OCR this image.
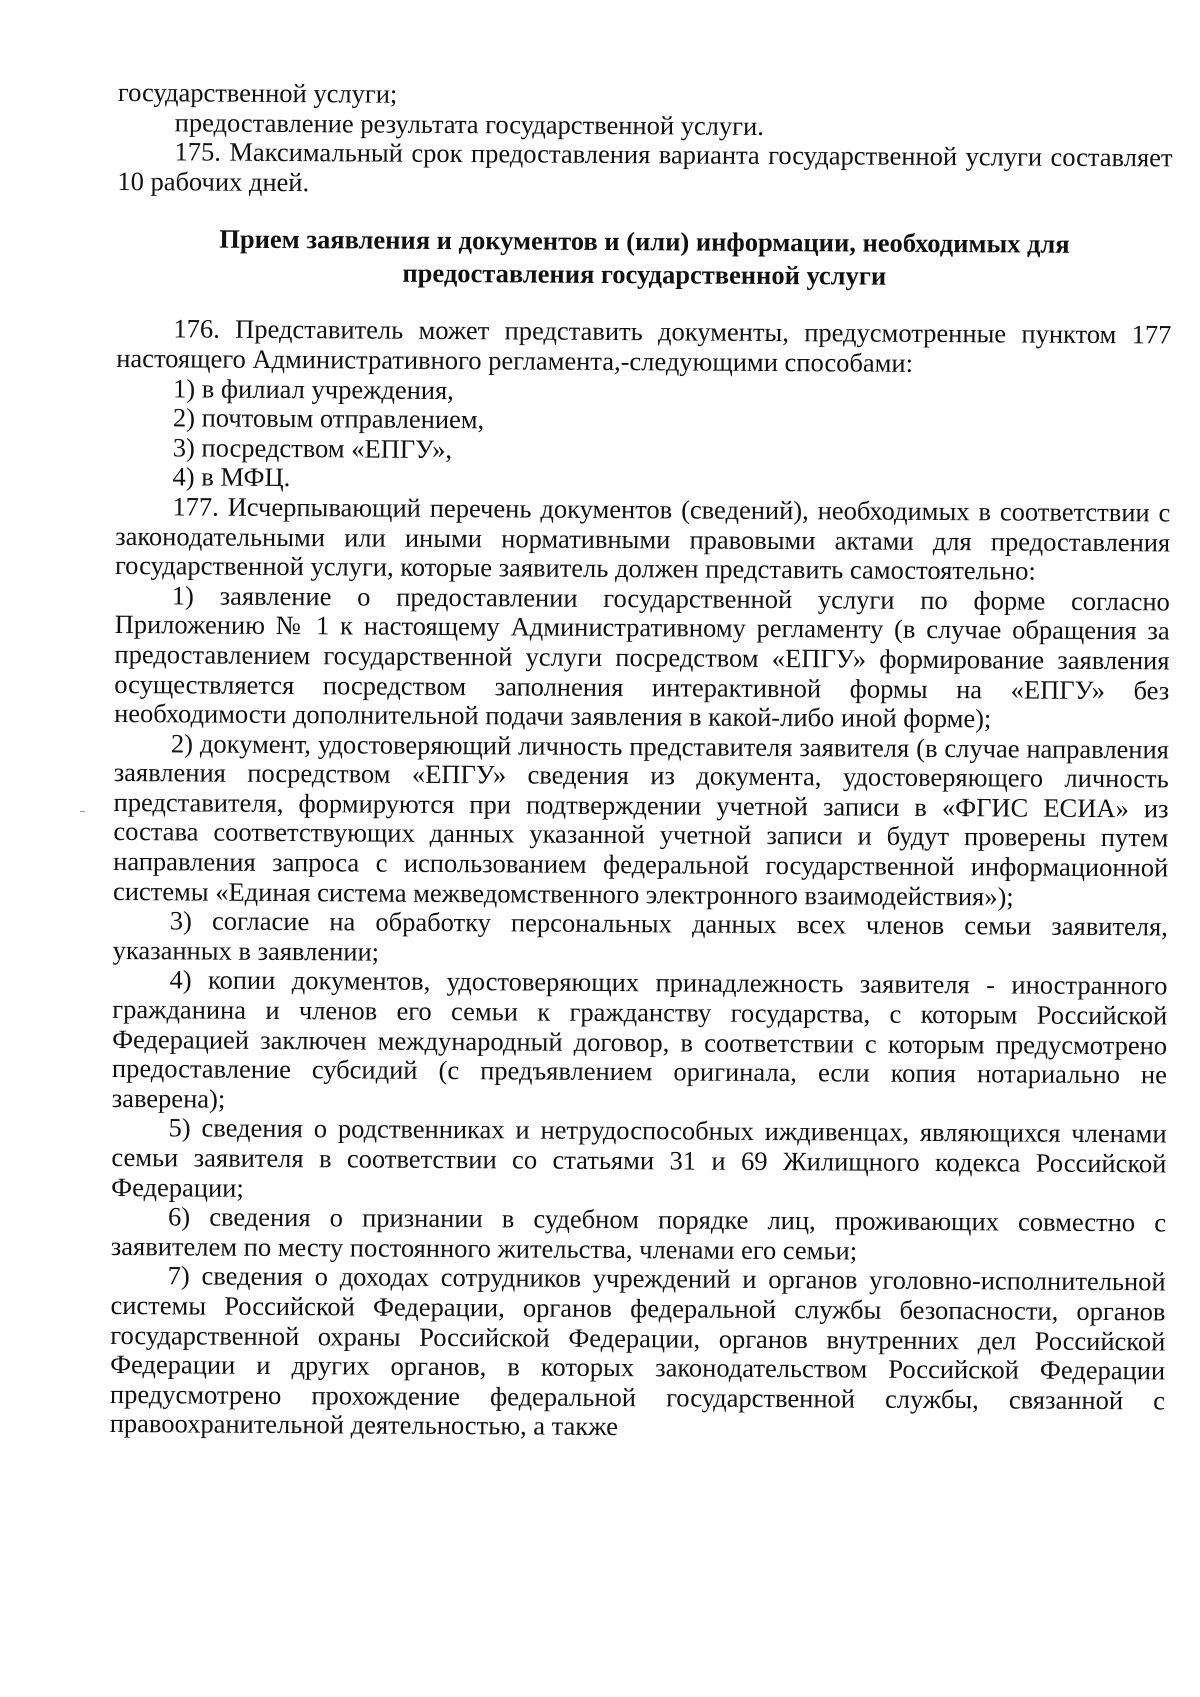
государственной услуги;

предоставление результата государственной услуги.

175. Максимальный срок предоставления варианта государственной услуги составляет 10 рабочих дней.

Прием заявления и документов и (или) информации, необходимых для предоставления государственной услуги

176. Представитель может представить документы, предусмотренные пунктом 177 настоящего Административного регламента,-следующими способами:

1) в филиал учреждения,

2) почтовым отправлением,

3) посредством «ЕПГУ»,

4) в МФЦ.

177. Исчерпывающий перечень документов (сведений), необходимых в соответствии с законодательными или иными нормативными правовыми актами для предоставления государственной услуги, которые заявитель должен представить самостоятельно:

1) заявление о предоставлении государственной услуги по форме согласно Приложению № 1 к настоящему Административному регламенту (в случае обращения за предоставлением государственной услуги посредством «ЕПГУ» формирование заявления осуществляется посредством заполнения интерактивной формы на «ЕПГУ» без необходимости дополнительной подачи заявления в какой-либо иной форме);

2) документ, удостоверяющий личность представителя заявителя (в случае направления заявления посредством «ЕПГУ» сведения из документа, удостоверяющего личность представителя, формируются при подтверждении учетной записи в «ФГИС ЕСИА» из состава соответствующих данных указанной учетной записи и будут проверены путем направления запроса с использованием федеральной государственной информационной системы «Единая система межведомственного электронного взаимодействия»);

3) согласие на обработку персональных данных всех членов семьи заявителя, указанных в заявлении;

4) копии документов, удостоверяющих принадлежность заявителя - иностранного гражданина и членов его семьи к гражданству государства, с которым Российской Федерацией заключен международный договор, в соответствии с которым предусмотрено предоставление субсидий (с предъявлением оригинала, если копия нотариально не заверена);

5) сведения о родственниках и нетрудоспособных иждивенцах, являющихся членами семьи заявителя в соответствии со статьями 31 и 69 Жилищного кодекса Российской Федерации;

6) сведения о признании в судебном порядке лиц, проживающих совместно с заявителем по месту постоянного жительства, членами его семьи;

7) сведения о доходах сотрудников учреждений и органов уголовно-исполнительной системы Российской Федерации, органов федеральной службы безопасности, органов государственной охраны Российской Федерации, органов внутренних дел Российской Федерации и других органов, в которых законодательством Российской Федерации предусмотрено прохождение федеральной государственной службы, связанной с правоохранительной деятельностью, а также
